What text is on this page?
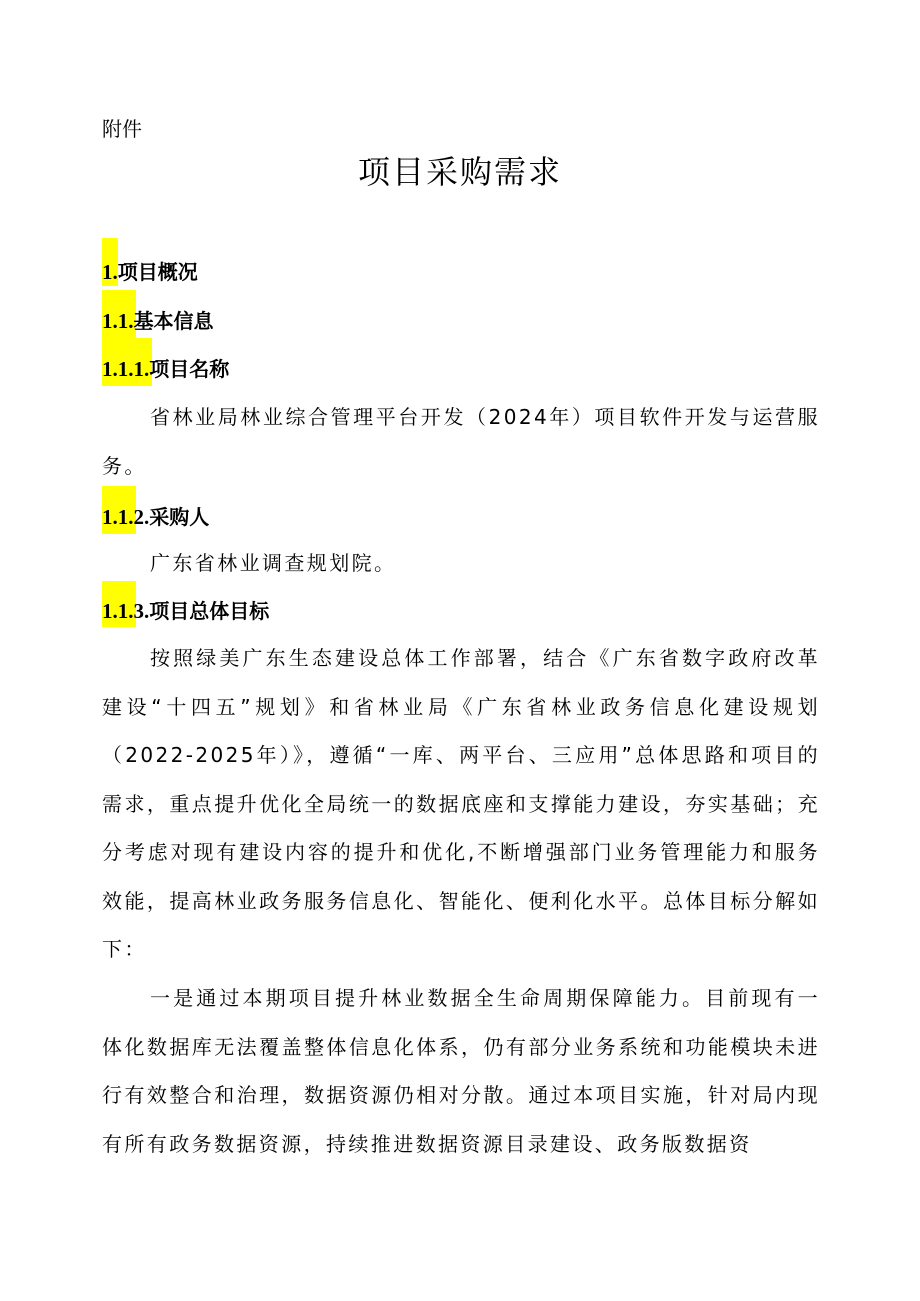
附件
项目采购需求
1.项目概况
1.1.基本信息
1.1.1.项目名称

省林业局林业综合管理平台开发（2024年）项目软件开发与运营服务。

1.1.2.采购人

广东省林业调查规划院。

1.1.3.项目总体目标

按照绿美广东生态建设总体工作部署，结合《广东省数字政府改革建设“十四五”规划》和省林业局《广东省林业政务信息化建设规划（2022-2025年）》，遵循“一库、两平台、三应用”总体思路和项目的需求，重点提升优化全局统一的数据底座和支撑能力建设，夯实基础；充分考虑对现有建设内容的提升和优化,不断增强部门业务管理能力和服务效能，提高林业政务服务信息化、智能化、便利化水平。总体目标分解如下：

一是通过本期项目提升林业数据全生命周期保障能力。目前现有一体化数据库无法覆盖整体信息化体系，仍有部分业务系统和功能模块未进行有效整合和治理，数据资源仍相对分散。通过本项目实施，针对局内现有所有政务数据资源，持续推进数据资源目录建设、政务版数据资
